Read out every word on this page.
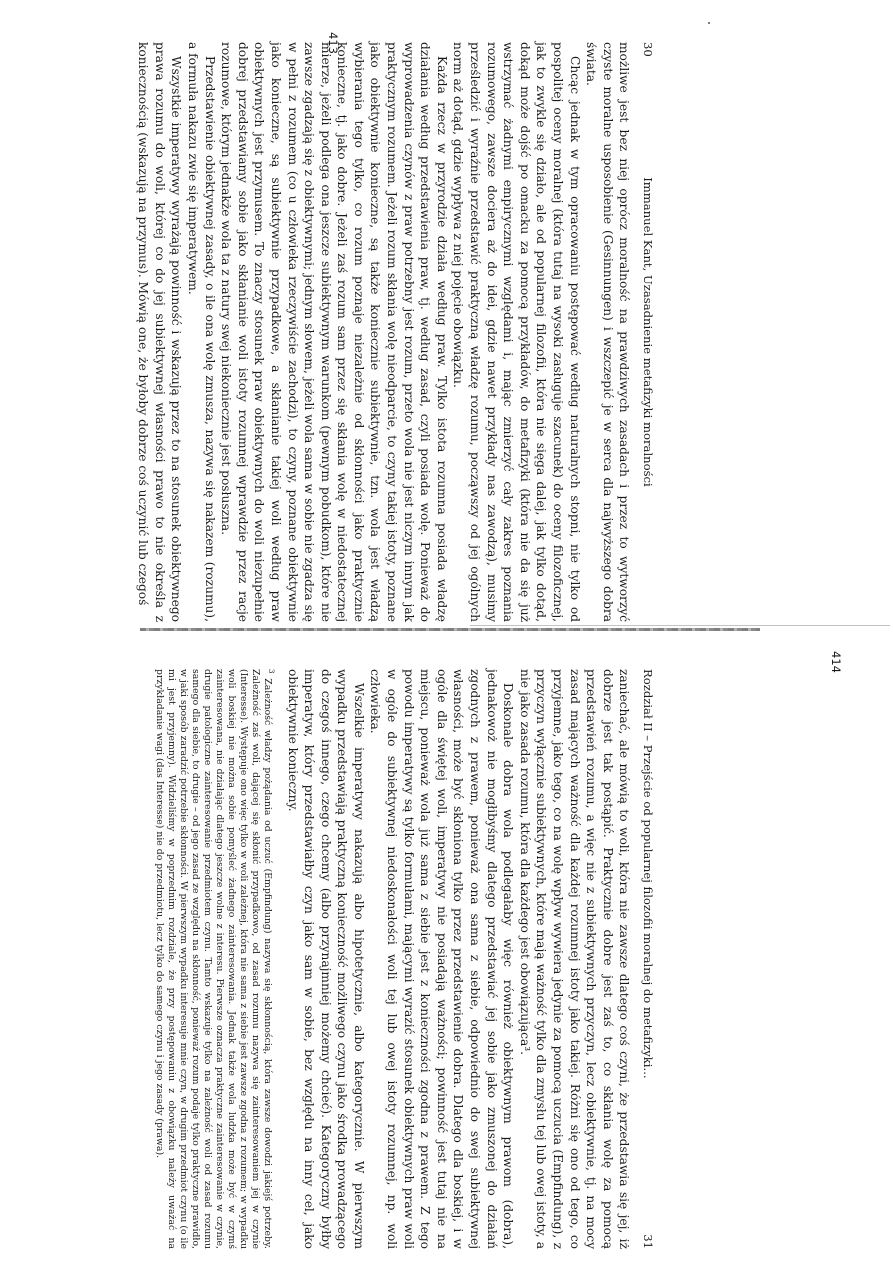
30
Immanuel Kant, Uzasadnienie metafizyki moralności

możliwe jest bez niej oprócz moralność na prawdziwych zasadach i przez to wytworzyć czyste moralne usposobienie (Gesinnungen) i wszczepić je w serca dla najwyższego dobra świata.

Chcąc jednak w tym opracowaniu postępować według naturalnych stopni, nie tylko od pospolitej oceny moralnej (która tutaj na wysoki zasługuje szacunek) do oceny filozoficznej, jak to zwykle się działo, ale od popularnej filozofii, która nie sięga dalej, jak tylko dotąd, dokąd może dojść po omacku za pomocą przykładów, do metafizyki (która nie da się już wstrzymać żadnymi empirycznymi względami i, mając zmierzyć cały zakres poznania rozumowego, zawsze dociera aż do idei, gdzie nawet przykłady nas zawodzą), musimy prześledzić i wyraźnie przedstawić praktyczną władzę rozumu, począwszy od jej ogólnych norm aż dotąd, gdzie wypływa z niej pojęcie obowiązku.

Każda rzecz w przyrodzie działa według praw. Tylko istota rozumna posiada władzę działania według przedstawienia praw, tj. według zasad, czyli posiada wolę. Ponieważ do wyprowadzenia czynów z praw potrzebny jest rozum, przeto wola nie jest niczym innym jak praktycznym rozumem. Jeżeli rozum skłania wolę nieodparcie, to czyny takiej istoty, poznane jako obiektywnie konieczne, są także koniecznie subiektywnie, tzn. wola jest władzą wybierania tego tylko, co rozum poznaje niezależnie od skłonności jako praktycznie konieczne, tj. jako dobre. Jeżeli zaś rozum sam przez się skłania wolę w niedostatecznej mierze, jeżeli podlega ona jeszcze subiektywnym warunkom (pewnym pobudkom), które nie zawsze zgadzają się z obiektywnymi; jednym słowem, jeżeli wola sama w sobie nie zgadza się w pełni z rozumem (co u człowieka rzeczywiście zachodzi), to czyny, poznane obiektywnie jako konieczne, są subiektywnie przypadkowe, a skłanianie takiej woli według praw obiektywnych jest przymusem. To znaczy stosunek praw obiektywnych do woli niezupełnie dobrej przedstawiamy sobie jako skłanianie woli istoty rozumnej wprawdzie przez racje rozumowe, którym jednakże wola ta z natury swej niekoniecznie jest posłuszna.

Przedstawienie obiektywnej zasady, o ile ona wolę zmusza, nazywa się nakazem (rozumu), a formuła nakazu zwie się imperatywem.

Wszystkie imperatywy wyrażają powinność i wskazują przez to na stosunek obiektywnego prawa rozumu do woli, której co do jej subiektywnej własności prawo to nie określa z koniecznością (wskazują na przymus). Mówią one, że byłoby dobrze coś uczynić lub czegoś	413
Rozdział II – Przejście od popularnej filozofii moralnej do metafizyki...
31

zaniechać, ale mówią to woli, która nie zawsze dlatego coś czyni, że przedstawia się jej, iż dobrze jest tak postąpić. Praktycznie dobre jest zaś to, co skłania wolę za pomocą przedstawień rozumu, a więc nie z subiektywnych przyczyn, lecz obiektywnie, tj. na mocy zasad mających ważność dla każdej rozumnej istoty jako takiej. Różni się ono od tego, co przyjemne, jako tego, co na wolę wpływ wywiera jedynie za pomocą uczucia (Empfindung), z przyczyn wyłącznie subiektywnych, które mają ważność tylko dla zmysłu tej lub owej istoty, a nie jako zasada rozumu, która dla każdego jest obowiązująca³.

Doskonale dobra wola podlegałaby więc również obiektywnym prawom (dobra), jednakowoż nie mogłibyśmy dlatego przedstawiać jej sobie jako zmuszonej do działań zgodnych z prawem, ponieważ ona sama z siebie, odpowiednio do swej subiektywnej własności, może być skłoniona tylko przez przedstawienie dobra. Dlatego dla boskiej, i w ogóle dla świętej woli, imperatywy nie posiadają ważności; powinność jest tutaj nie na miejscu, ponieważ wola już sama z siebie jest z konieczności zgodna z prawem. Z tego powodu imperatywy są tylko formułami, mającymi wyrazić stosunek obiektywnych praw woli w ogóle do subiektywnej niedoskonałości woli tej lub owej istoty rozumnej, np. woli człowieka.

Wszelkie imperatywy nakazują albo hipotetycznie, albo kategorycznie. W pierwszym wypadku przedstawiają praktyczną konieczność możliwego czynu jako środka prowadzącego do czegoś innego, czego chcemy (albo przynajmniej możemy chcieć). Kategoryczny byłby imperatyw, który przedstawiałby czyn jako sam w sobie, bez względu na inny cel, jako obiektywnie konieczny.

$^3$ Zależność władzy pożądania od uczuć (Empfindung) nazywa się skłonnością, która zawsze dowodzi jakiejś potrzeby. Zależność zaś woli, dającej się skłonić przypadkowo, od zasad rozumu nazywa się zainteresowaniem jej w czynie (Interesse). Występuje ono więc tylko w woli zależnej, która nie sama z siebie jest zawsze zgodna z rozumem; w wypadku woli boskiej nie można sobie pomyśleć żadnego zainteresowania. Jednak także wola ludzka może być w czymś zainteresowana, nie działając dlatego jeszcze wolne z interesu. Pierwsze oznacza praktyczne zainteresowanie w czynie, drugie patologiczne zainteresowanie przedmiotem czynu. Tamto wskazuje tylko na zależność woli od zasad rozumu samego dla siebie, to drugie – od jego zasad ze względu na skłonność, ponieważ rozum podaje tylko praktyczne prawidło, w jaki sposób zaradzić potrzebie skłonności. W pierwszym wypadku interesuje mnie czyn, w drugim przedmiot czynu (o ile mi jest przyjemny). Widzieliśmy w poprzednim rozdziale, że przy postępowaniu z obowiązku należy uważać na przykładanie wagi (das Interesse) nie do przedmiotu, lecz tylko do samego czynu i jego zasady (prawa).
414
